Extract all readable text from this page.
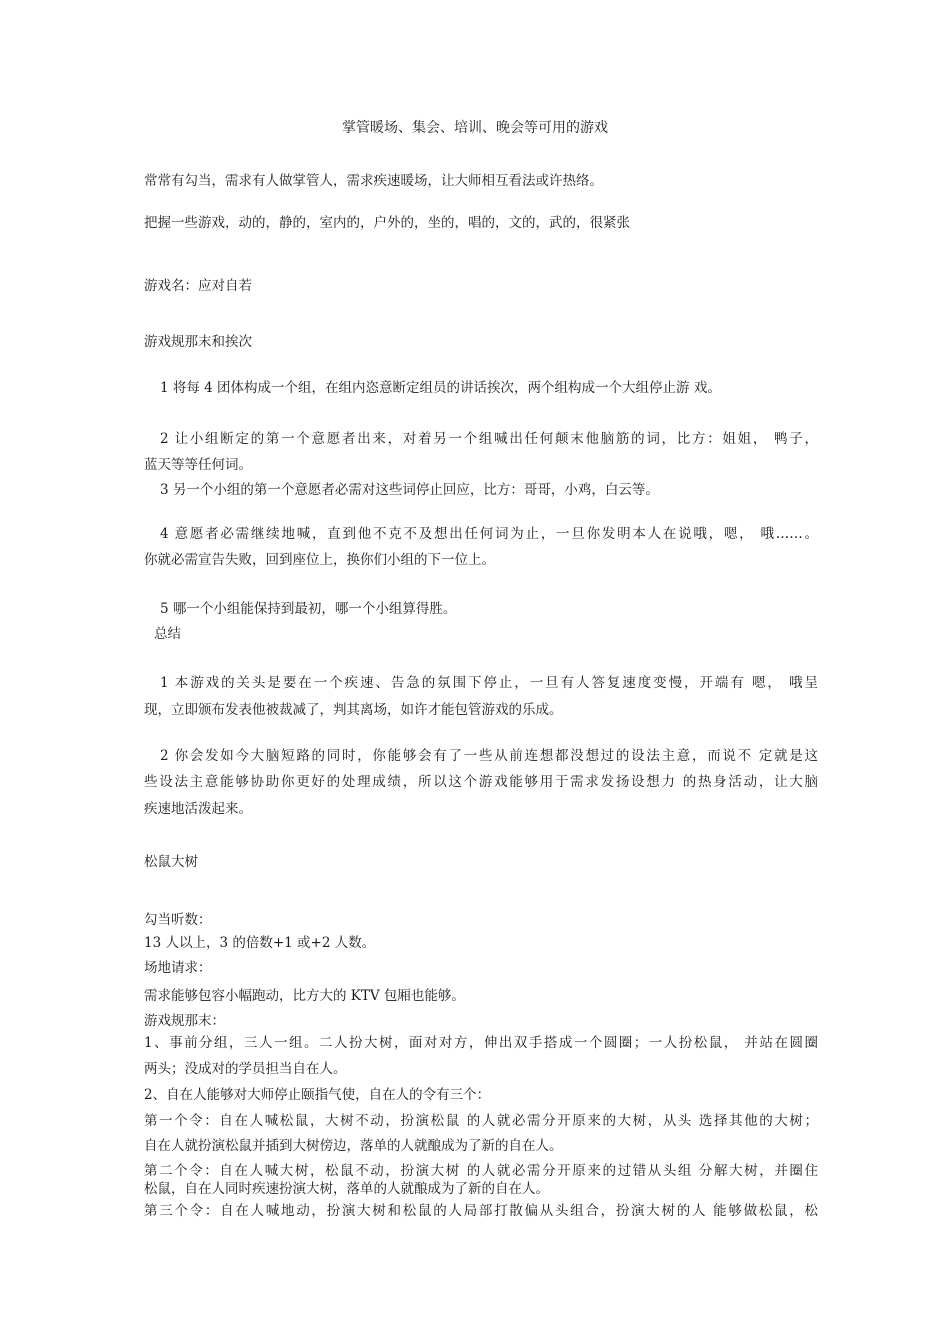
掌管暖场、集会、培训、晚会等可用的游戏
常常有勾当，需求有人做掌管人，需求疾速暖场，让大师相互看法或许热络。
把握一些游戏，动的，静的，室内的，户外的，坐的，唱的，文的，武的，很紧张
游戏名：应对自若
游戏规那末和挨次
1 将每 4 团体构成一个组，在组内恣意断定组员的讲话挨次，两个组构成一个大组停止游 戏。
2 让小组断定的第一个意愿者出来，对着另一个组喊出任何颠末他脑筋的词，比方：姐姐， 鸭子，
蓝天等等任何词。
3 另一个小组的第一个意愿者必需对这些词停止回应，比方：哥哥，小鸡，白云等。
4 意愿者必需继续地喊，直到他不克不及想出任何词为止，一旦你发明本人在说哦，嗯， 哦……。
你就必需宣告失败，回到座位上，换你们小组的下一位上。
5 哪一个小组能保持到最初，哪一个小组算得胜。
总结
1 本游戏的关头是要在一个疾速、告急的氛围下停止，一旦有人答复速度变慢，开端有 嗯， 哦呈
现，立即颁布发表他被裁减了，判其离场，如许才能包管游戏的乐成。
2 你会发如今大脑短路的同时，你能够会有了一些从前连想都没想过的设法主意，而说不 定就是这
些设法主意能够协助你更好的处理成绩，所以这个游戏能够用于需求发扬设想力 的热身活动，让大脑
疾速地活泼起来。
松鼠大树
勾当听数：
13 人以上，3 的倍数+1 或+2 人数。
场地请求：
需求能够包容小幅跑动，比方大的 KTV 包厢也能够。
游戏规那末：
1、事前分组，三人一组。二人扮大树，面对对方，伸出双手搭成一个圆圈；一人扮松鼠， 并站在圆圈
两头；没成对的学员担当自在人。
2、自在人能够对大师停止颐指气使，自在人的令有三个：
第一个令：自在人喊松鼠，大树不动，扮演松鼠 的人就必需分开原来的大树，从头 选择其他的大树；
自在人就扮演松鼠并插到大树傍边，落单的人就酿成为了新的自在人。
第二个令：自在人喊大树，松鼠不动，扮演大树 的人就必需分开原来的过错从头组 分解大树，并圈住
松鼠，自在人同时疾速扮演大树，落单的人就酿成为了新的自在人。
第三个令：自在人喊地动，扮演大树和松鼠的人局部打散偏从头组合，扮演大树的人 能够做松鼠，松
